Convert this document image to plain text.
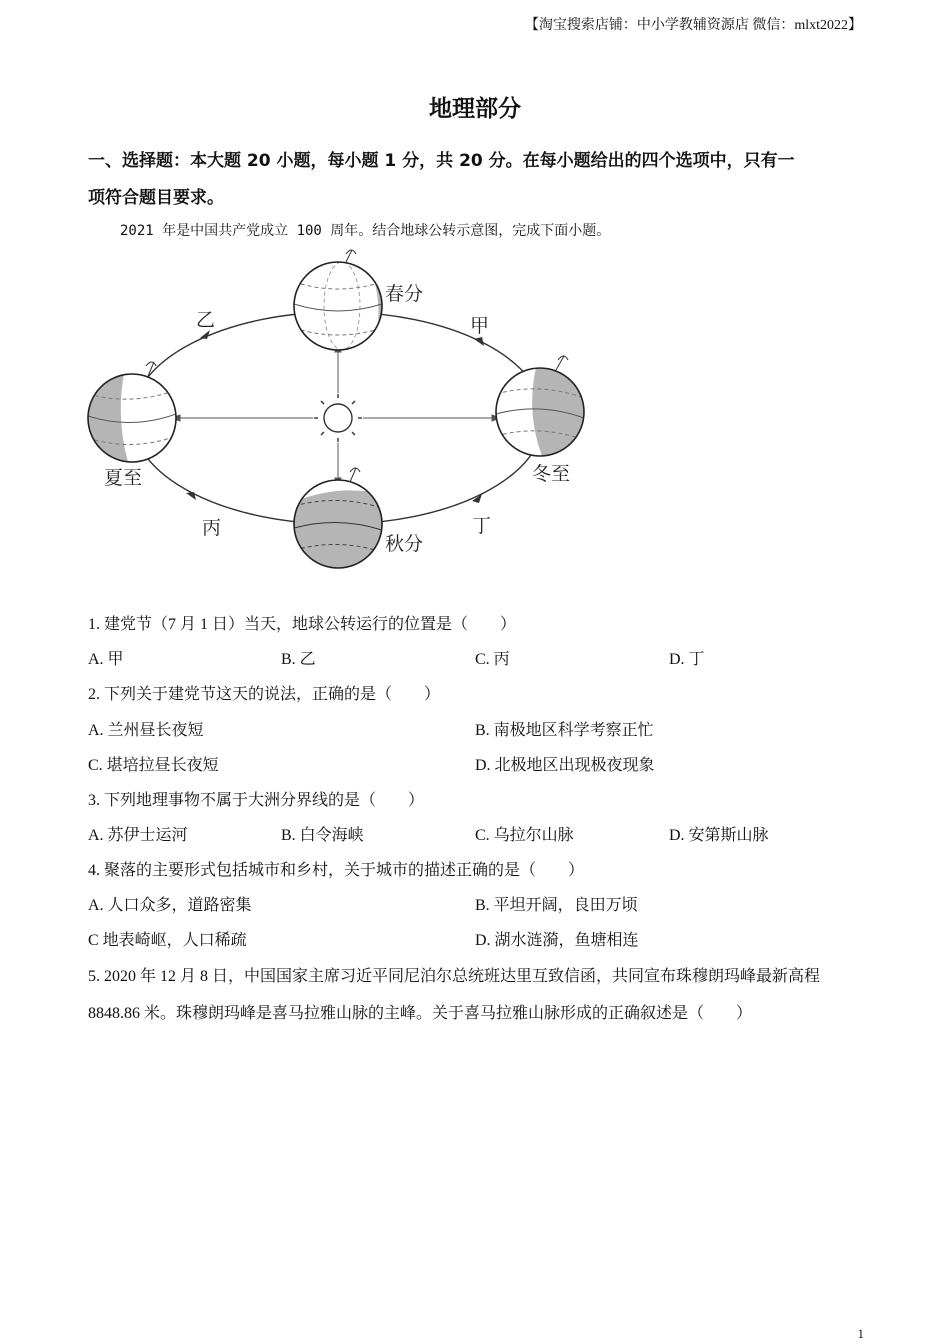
【淘宝搜索店铺：中小学教辅资源店 微信：mlxt2022】
地理部分
一、选择题：本大题 20 小题，每小题 1 分，共 20 分。在每小题给出的四个选项中，只有一
项符合题目要求。
2021 年是中国共产党成立 100 周年。结合地球公转示意图，完成下面小题。
春分
夏至
秋分
冬至
甲
乙
丙	丁
1. 建党节（7 月 1 日）当天，地球公转运行的位置是（　　）
A. 甲	B. 乙	C. 丙	D. 丁
2. 下列关于建党节这天的说法，正确的是（　　）
A. 兰州昼长夜短	B. 南极地区科学考察正忙
C. 堪培拉昼长夜短	D. 北极地区出现极夜现象
3. 下列地理事物不属于大洲分界线的是（　　）
A. 苏伊士运河	B. 白令海峡	C. 乌拉尔山脉	D. 安第斯山脉
4. 聚落的主要形式包括城市和乡村，关于城市的描述正确的是（　　）
A. 人口众多，道路密集	B. 平坦开阔，良田万顷
C 地表崎岖，人口稀疏	D. 湖水涟漪，鱼塘相连
5. 2020 年 12 月 8 日，中国国家主席习近平同尼泊尔总统班达里互致信函，共同宣布珠穆朗玛峰最新高程
8848.86 米。珠穆朗玛峰是喜马拉雅山脉的主峰。关于喜马拉雅山脉形成的正确叙述是（　　）
1
